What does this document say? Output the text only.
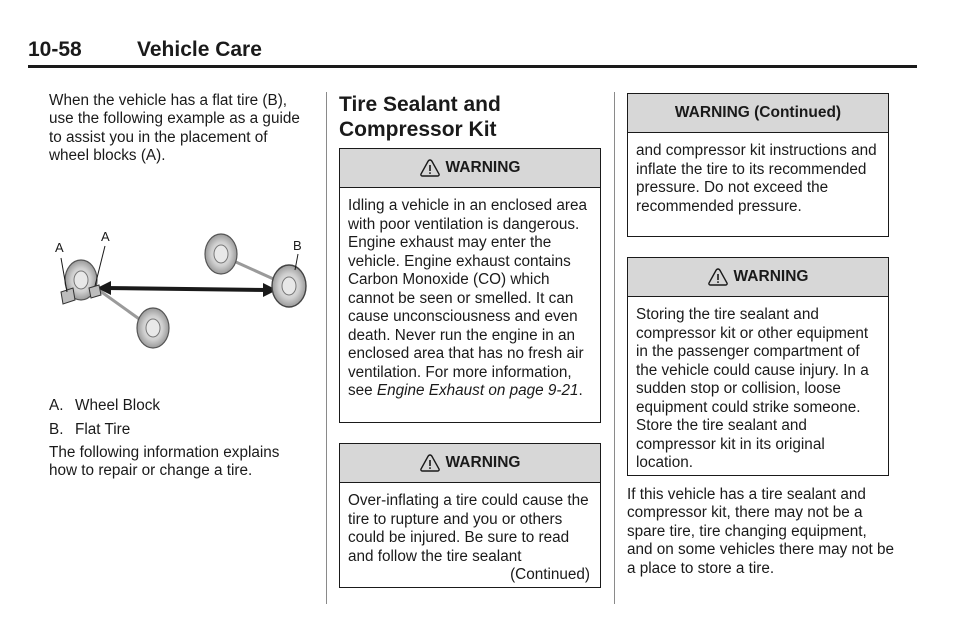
10-58	Vehicle Care

When the vehicle has a flat tire (B), use the following example as a guide to assist you in the placement of wheel blocks (A).

A
A
B
A. Wheel Block
B. Flat Tire

The following information explains how to repair or change a tire.

Tire Sealant and Compressor Kit
WARNING
Idling a vehicle in an enclosed area with poor ventilation is dangerous. Engine exhaust may enter the vehicle. Engine exhaust contains Carbon Monoxide (CO) which cannot be seen or smelled. It can cause unconsciousness and even death. Never run the engine in an enclosed area that has no fresh air ventilation. For more information, see Engine Exhaust on page 9-21.
WARNING
Over-inflating a tire could cause the tire to rupture and you or others could be injured. Be sure to read and follow the tire sealant
(Continued)
WARNING (Continued)
and compressor kit instructions and inflate the tire to its recommended pressure. Do not exceed the recommended pressure.
WARNING
Storing the tire sealant and compressor kit or other equipment in the passenger compartment of the vehicle could cause injury. In a sudden stop or collision, loose equipment could strike someone. Store the tire sealant and compressor kit in its original location.

If this vehicle has a tire sealant and compressor kit, there may not be a spare tire, tire changing equipment, and on some vehicles there may not be a place to store a tire.
